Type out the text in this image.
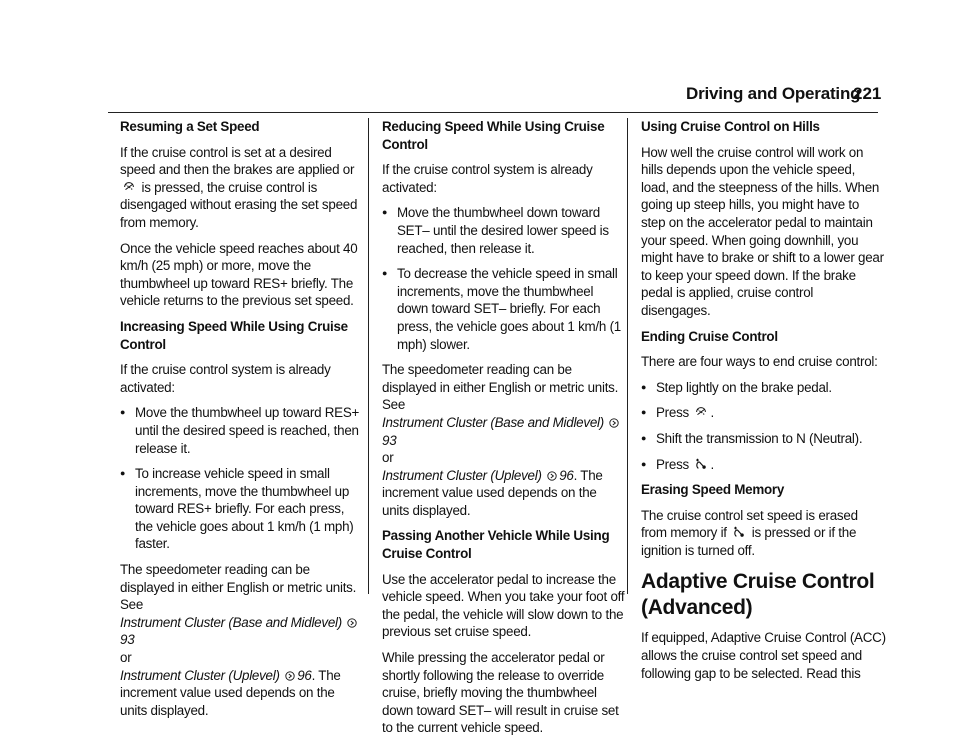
Driving and Operating
221

Resuming a Set Speed

If the cruise control is set at a desired speed and then the brakes are applied or  is pressed, the cruise control is disengaged without erasing the set speed from memory.

Once the vehicle speed reaches about 40 km/h (25 mph) or more, move the thumbwheel up toward RES+ briefly. The vehicle returns to the previous set speed.

Increasing Speed While Using Cruise Control

If the cruise control system is already activated:

● Move the thumbwheel up toward RES+ until the desired speed is reached, then release it.
● To increase vehicle speed in small increments, move the thumbwheel up toward RES+ briefly. For each press, the vehicle goes about 1 km/h (1 mph) faster.

The speedometer reading can be displayed in either English or metric units. See
Instrument Cluster (Base and Midlevel) 93
or
Instrument Cluster (Uplevel) 96. The increment value used depends on the units displayed.

Reducing Speed While Using Cruise Control

If the cruise control system is already activated:

● Move the thumbwheel down toward SET– until the desired lower speed is reached, then release it.
● To decrease the vehicle speed in small increments, move the thumbwheel down toward SET– briefly. For each press, the vehicle goes about 1 km/h (1 mph) slower.

The speedometer reading can be displayed in either English or metric units. See
Instrument Cluster (Base and Midlevel) 93
or
Instrument Cluster (Uplevel) 96. The increment value used depends on the units displayed.

Passing Another Vehicle While Using Cruise Control

Use the accelerator pedal to increase the vehicle speed. When you take your foot off the pedal, the vehicle will slow down to the previous set cruise speed.

While pressing the accelerator pedal or shortly following the release to override cruise, briefly moving the thumbwheel down toward SET– will result in cruise set to the current vehicle speed.

Using Cruise Control on Hills

How well the cruise control will work on hills depends upon the vehicle speed, load, and the steepness of the hills. When going up steep hills, you might have to step on the accelerator pedal to maintain your speed. When going downhill, you might have to brake or shift to a lower gear to keep your speed down. If the brake pedal is applied, cruise control disengages.

Ending Cruise Control

There are four ways to end cruise control:

● Step lightly on the brake pedal.
● Press .
● Shift the transmission to N (Neutral).
● Press .

Erasing Speed Memory

The cruise control set speed is erased from memory if is pressed or if the ignition is turned off.

Adaptive Cruise Control (Advanced)

If equipped, Adaptive Cruise Control (ACC) allows the cruise control set speed and following gap to be selected. Read this
